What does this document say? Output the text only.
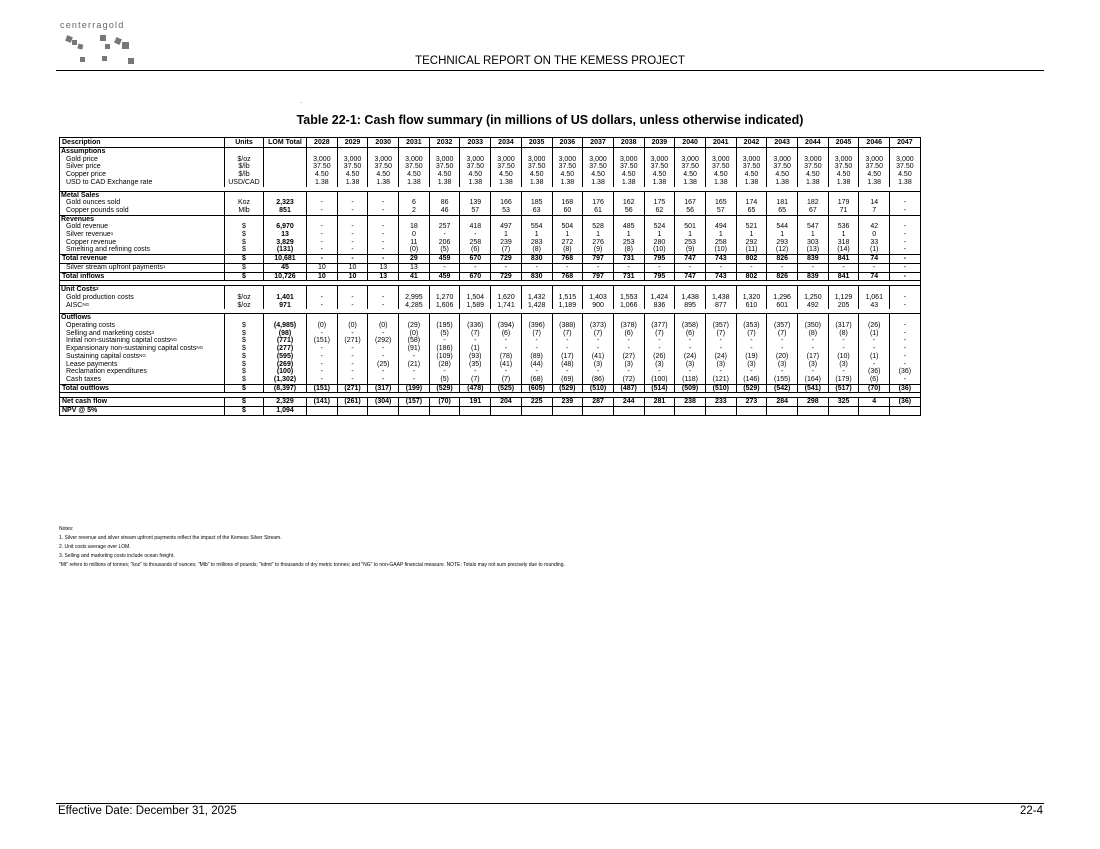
centerragold
TECHNICAL REPORT ON THE KEMESS PROJECT
·
Table 22-1: Cash flow summary (in millions of US dollars, unless otherwise indicated)
Description	Units	LOM Total	2028	2029	2030	2031	2032	2033	2034	2035	2036	2037	2038	2039	2040	2041	2042	2043	2044	2045	2046	2047
Assumptions																						
Gold price	$/oz		3,000	3,000	3,000	3,000	3,000	3,000	3,000	3,000	3,000	3,000	3,000	3,000	3,000	3,000	3,000	3,000	3,000	3,000	3,000	3,000
Silver price	$/lb		37.50	37.50	37.50	37.50	37.50	37.50	37.50	37.50	37.50	37.50	37.50	37.50	37.50	37.50	37.50	37.50	37.50	37.50	37.50	37.50
Copper price	$/lb		4.50	4.50	4.50	4.50	4.50	4.50	4.50	4.50	4.50	4.50	4.50	4.50	4.50	4.50	4.50	4.50	4.50	4.50	4.50	4.50
USD to CAD Exchange rate	USD/CAD		1.38	1.38	1.38	1.38	1.38	1.38	1.38	1.38	1.38	1.38	1.38	1.38	1.38	1.38	1.38	1.38	1.38	1.38	1.38	1.38

Metal Sales																						
Gold ounces sold	Koz	2,323	-	-	-	6	86	139	166	185	168	176	162	175	167	165	174	181	182	179	14	-
Copper pounds sold	Mlb	851	-	-	-	2	46	57	53	63	60	61	56	62	56	57	65	65	67	71	7	-
Revenues																						
Gold revenue	$	6,970	-	-	-	18	257	418	497	554	504	528	485	524	501	494	521	544	547	536	42	-
Silver revenue$^1$	$	13	-	-	-	0	-	-	1	1	1	1	1	1	1	1	1	1	1	1	0	-
Copper revenue	$	3,829	-	-	-	11	206	258	239	283	272	276	253	280	253	258	292	293	303	318	33	-
Smelting and refining costs	$	(131)	-	-	-	(0)	(5)	(6)	(7)	(8)	(8)	(9)	(8)	(10)	(9)	(10)	(11)	(12)	(13)	(14)	(1)	-
Total revenue	$	10,681	-	-	-	29	459	670	729	830	768	797	731	795	747	743	802	826	839	841	74	-
Silver stream upfront payments$^1$	$	45	10	10	13	13	-	-	-	-	-	-	-	-	-	-	-	-	-	-	-	-
Total inflows	$	10,726	10	10	13	41	459	670	729	830	768	797	731	795	747	743	802	826	839	841	74	-

Unit Costs$^2$																						
Gold production costs	$/oz	1,401	-	-	-	2,995	1,270	1,504	1,620	1,432	1,515	1,403	1,553	1,424	1,438	1,438	1,320	1,296	1,250	1,129	1,061	-
$AISC^{NG}$	$/oz	971	-	-	-	4,285	1,606	1,589	1,741	1,428	1,189	900	1,066	836	895	877	610	601	492	205	43	-

Outflows																						
Operating costs	$	(4,985)	(0)	(0)	(0)	(29)	(195)	(336)	(394)	(396)	(388)	(373)	(378)	(377)	(358)	(357)	(353)	(357)	(350)	(317)	(26)	-
Selling and marketing costs$^3$	$	(98)	-	-	-	(0)	(5)	(7)	(6)	(7)	(7)	(7)	(6)	(7)	(6)	(7)	(7)	(7)	(8)	(8)	(1)	-
Initial non-sustaining capital costs$^{NG}$	$	(771)	(151)	(271)	(292)	(58)	-	-	-	-	-	-	-	-	-	-	-	-	-	-	-	-
Expansionary non-sustaining capital costs$^{NG}$	$	(277)	-	-	-	(91)	(186)	(1)	-	-	-	-	-	-	-	-	-	-	-	-	-	-
Sustaining capital costs$^{NG}$	$	(595)	-	-	-	-	(109)	(93)	(78)	(89)	(17)	(41)	(27)	(26)	(24)	(24)	(19)	(20)	(17)	(10)	(1)	-
Lease payments	$	(269)	-	-	(25)	(21)	(28)	(35)	(41)	(44)	(48)	(3)	(3)	(3)	(3)	(3)	(3)	(3)	(3)	(3)	-	-
Reclamation expenditures	$	(100)	-	-	-	-	-	-	-	-	-	-	-	-	-	-	-	-	-	-	(36)	(36)
Cash taxes	$	(1,302)	-	-	-	-	(5)	(7)	(7)	(68)	(69)	(86)	(72)	(100)	(118)	(121)	(146)	(155)	(164)	(179)	(6)	-
Total outflows	$	(8,397)	(151)	(271)	(317)	(199)	(529)	(478)	(525)	(605)	(529)	(510)	(487)	(514)	(509)	(510)	(529)	(542)	(541)	(517)	(70)	(36)

Net cash flow	$	2,329	(141)	(261)	(304)	(157)	(70)	191	204	225	239	287	244	281	238	233	273	284	298	325	4	(36)
NPV @ 5%	$	1,094																				
Notes:
1. Silver revenue and silver stream upfront payments reflect the impact of the Kemess Silver Stream.
2. Unit costs average over LOM.
3. Selling and marketing costs include ocean freight.
"Mt" refers to millions of tonnes; "koz" to thousands of ounces; "Mlb" to millions of pounds; "kdmt" to thousands of dry metric tonnes; and "NG" to non-GAAP financial measure. NOTE: Totals may not sum precisely due to rounding.
Effective Date: December 31, 2025	22-4
